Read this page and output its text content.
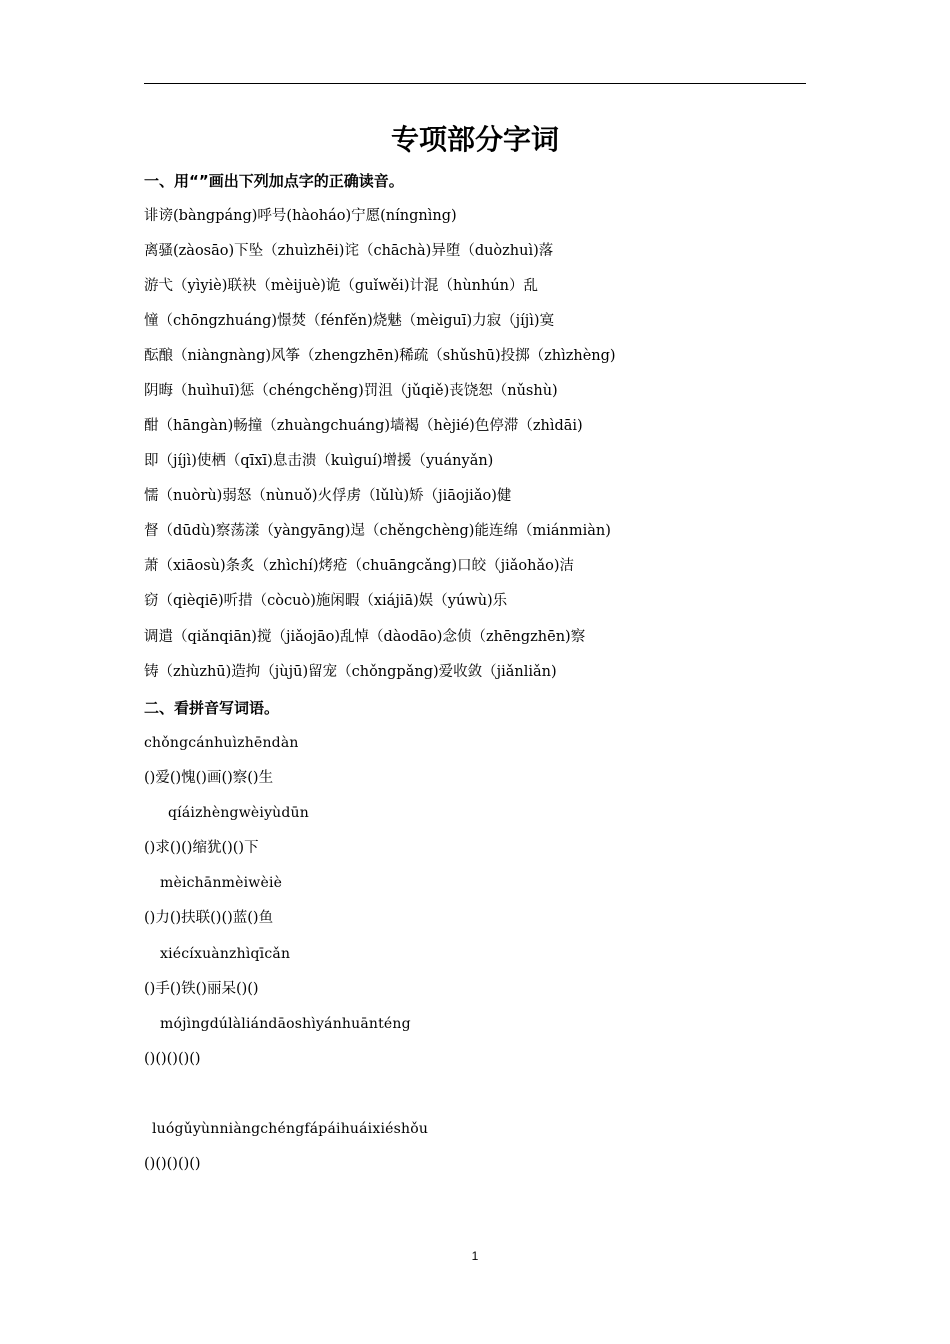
专项部分字词
一、用“”画出下列加点字的正确读音。
诽谤(bàngpáng)呼号(hàoháo)宁愿(níngnìng)
离骚(zàosāo)下坠（zhuìzhēi)诧（chāchà)异堕（duòzhuì)落
游弋（yìyiè)联袂（mèijuè)诡（guǐwěi)计混（hùnhún）乱
憧（chōngzhuáng)憬焚（fénfěn)烧魅（mèiguī)力寂（jíjì)寞
酝酿（niàngnàng)风筝（zhengzhēn)稀疏（shǔshū)投掷（zhìzhèng)
阴晦（huìhuī)惩（chéngchěng)罚沮（jǔqiě)丧饶恕（nǔshù)
酣（hāngàn)畅撞（zhuàngchuáng)墙褐（hèjié)色停滞（zhìdāi)
即（jíjì)使栖（qīxī)息击溃（kuìguí)增援（yuányǎn)
懦（nuòrù)弱怒（nùnuǒ)火俘虏（lǔlù)矫（jiāojiǎo)健
督（dūdù)察荡漾（yàngyāng)逞（chěngchèng)能连绵（miánmiàn)
萧（xiāosù)条炙（zhìchí)烤疮（chuāngcǎng)口皎（jiǎohǎo)洁
窃（qièqiē)听措（còcuò)施闲暇（xiájiā)娱（yúwù)乐
调遣（qiǎnqiān)搅（jiǎojāo)乱悼（dàodāo)念侦（zhēngzhēn)察
铸（zhùzhū)造拘（jùjū)留宠（chǒngpǎng)爱收敛（jiǎnliǎn)
二、看拼音写词语。
chǒngcánhuìzhēndàn
()爱()愧()画()察()生
qíáizhèngwèiyùdūn
()求()()缩犹()()下
mèichānmèiwèiè
()力()扶联()()蓝()鱼
xiécíxuànzhìqīcǎn
()手()铁()丽呆()()
mójìngdúlàliándāoshìyánhuānténg
()()()()()
luógǔyùnniàngchéngfápáihuáixiéshǒu
()()()()()
1
